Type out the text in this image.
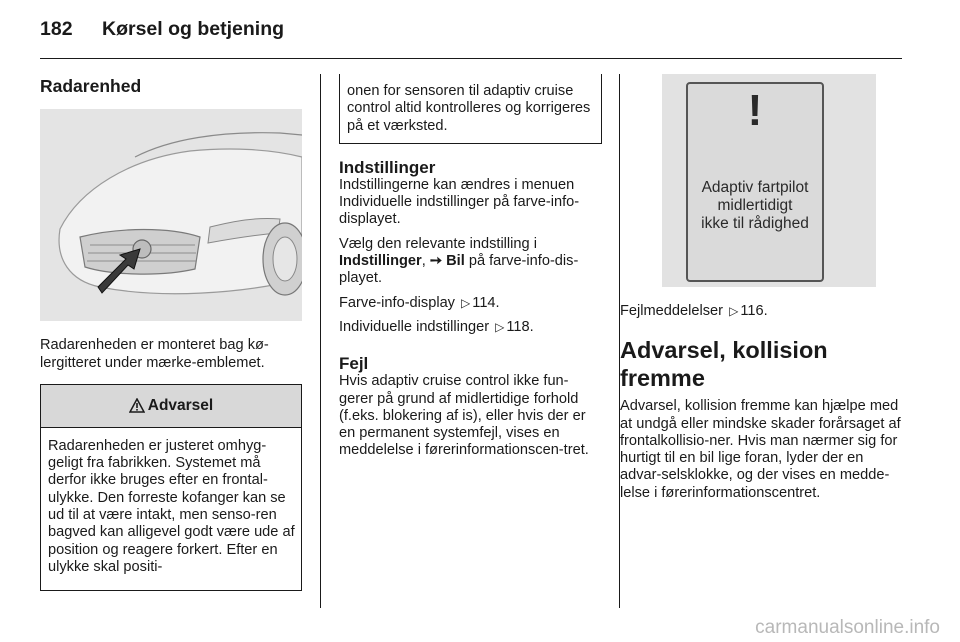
182 Kørsel og betjening

Radarenhed

Radarenheden er monteret bag kø-lergitteret under mærke-emblemet.

Advarsel
Radarenheden er justeret omhyg-geligt fra fabrikken. Systemet må derfor ikke bruges efter en frontal-ulykke. Den forreste kofanger kan se ud til at være intakt, men senso-ren bagved kan alligevel godt være ude af position og reagere forkert. Efter en ulykke skal positi-
onen for sensoren til adaptiv cruise control altid kontrolleres og korrigeres på et værksted.

Indstillinger

Indstillingerne kan ændres i menuen Individuelle indstillinger på farve-info-displayet.

Vælg den relevante indstilling i Indstillinger, ➙ Bil på farve-info-dis-playet.

Farve-info-display ▷ 114.

Individuelle indstillinger ▷ 118.

Fejl

Hvis adaptiv cruise control ikke fun-gerer på grund af midlertidige forhold (f.eks. blokering af is), eller hvis der er en permanent systemfejl, vises en meddelelse i førerinformationscen-tret.

!
Adaptiv fartpilot
midlertidigt
ikke til rådighed

Fejlmeddelelser ▷ 116.

Advarsel, kollision fremme

Advarsel, kollision fremme kan hjælpe med at undgå eller mindske skader forårsaget af frontalkollisio-ner. Hvis man nærmer sig for hurtigt til en bil lige foran, lyder der en advar-selsklokke, og der vises en medde-lelse i førerinformationscentret.

carmanualsonline.info
